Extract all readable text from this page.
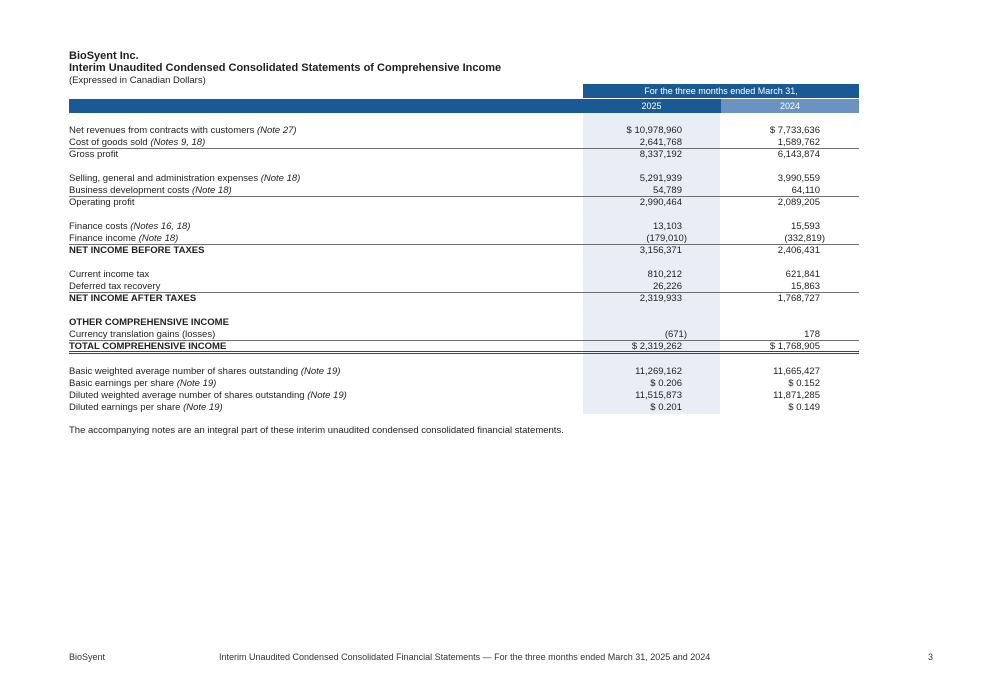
BioSyent Inc.
Interim Unaudited Condensed Consolidated Statements of Comprehensive Income
(Expressed in Canadian Dollars)
For the three months ended March 31,
2025	2024
Net revenues from contracts with customers (Note 27)	$ 10,978,960	$ 7,733,636
Cost of goods sold (Notes 9, 18)	2,641,768	1,589,762
Gross profit	8,337,192	6,143,874
Selling, general and administration expenses (Note 18)	5,291,939	3,990,559
Business development costs (Note 18)	54,789	64,110
Operating profit	2,990,464	2,089,205
Finance costs (Notes 16, 18)	13,103	15,593
Finance income (Note 18)	(179,010)	(332,819)
NET INCOME BEFORE TAXES	3,156,371	2,406,431
Current income tax	810,212	621,841
Deferred tax recovery	26,226	15,863
NET INCOME AFTER TAXES	2,319,933	1,768,727
OTHER COMPREHENSIVE INCOME
Currency translation gains (losses)	(671)	178
TOTAL COMPREHENSIVE INCOME	$ 2,319,262	$ 1,768,905
Basic weighted average number of shares outstanding (Note 19)	11,269,162	11,665,427
Basic earnings per share (Note 19)	$ 0.206	$ 0.152
Diluted weighted average number of shares outstanding (Note 19)	11,515,873	11,871,285
Diluted earnings per share (Note 19)	$ 0.201	$ 0.149
The accompanying notes are an integral part of these interim unaudited condensed consolidated financial statements.
BioSyent	Interim Unaudited Condensed Consolidated Financial Statements — For the three months ended March 31, 2025 and 2024	3
